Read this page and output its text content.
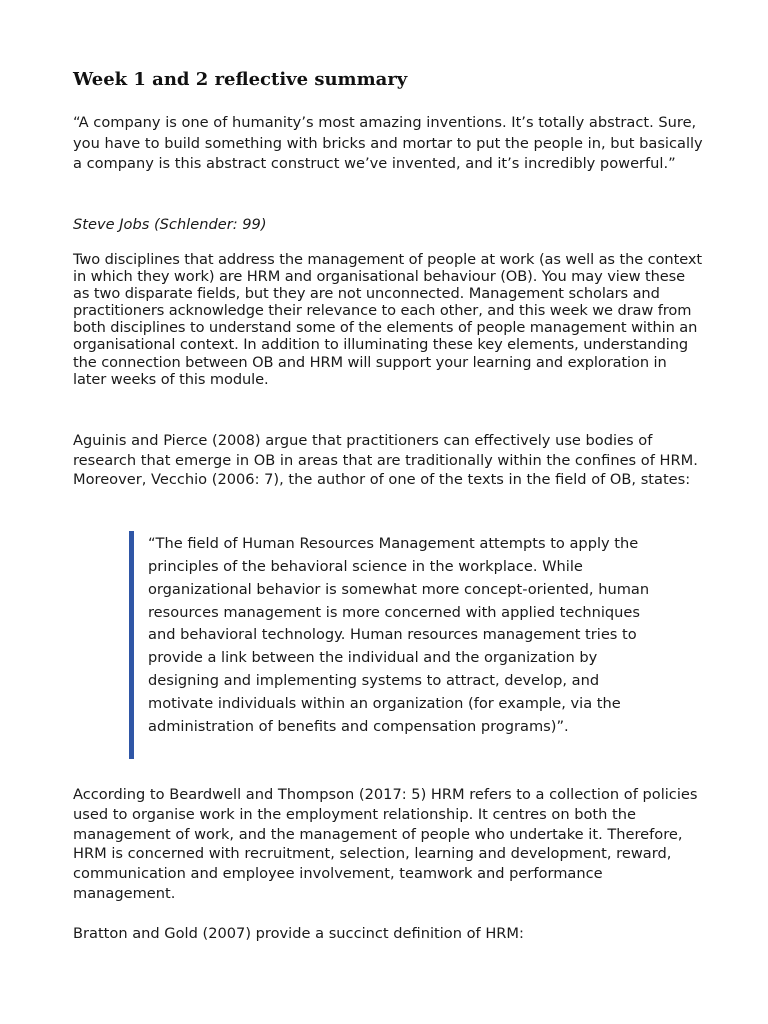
Week 1 and 2 reflective summary

“A company is one of humanity’s most amazing inventions. It’s totally abstract. Sure, you have to build something with bricks and mortar to put the people in, but basically a company is this abstract construct we’ve invented, and it’s incredibly powerful.”

Steve Jobs (Schlender: 99)

Two disciplines that address the management of people at work (as well as the context in which they work) are HRM and organisational behaviour (OB). You may view these as two disparate fields, but they are not unconnected. Management scholars and practitioners acknowledge their relevance to each other, and this week we draw from both disciplines to understand some of the elements of people management within an organisational context. In addition to illuminating these key elements, understanding the connection between OB and HRM will support your learning and exploration in later weeks of this module.

Aguinis and Pierce (2008) argue that practitioners can effectively use bodies of research that emerge in OB in areas that are traditionally within the confines of HRM. Moreover, Vecchio (2006: 7), the author of one of the texts in the field of OB, states:

“The field of Human Resources Management attempts to apply the principles of the behavioral science in the workplace. While organizational behavior is somewhat more concept-oriented, human resources management is more concerned with applied techniques and behavioral technology. Human resources management tries to provide a link between the individual and the organization by designing and implementing systems to attract, develop, and motivate individuals within an organization (for example, via the administration of benefits and compensation programs)”.

According to Beardwell and Thompson (2017: 5) HRM refers to a collection of policies used to organise work in the employment relationship. It centres on both the management of work, and the management of people who undertake it. Therefore, HRM is concerned with recruitment, selection, learning and development, reward, communication and employee involvement, teamwork and performance management.

Bratton and Gold (2007) provide a succinct definition of HRM:
